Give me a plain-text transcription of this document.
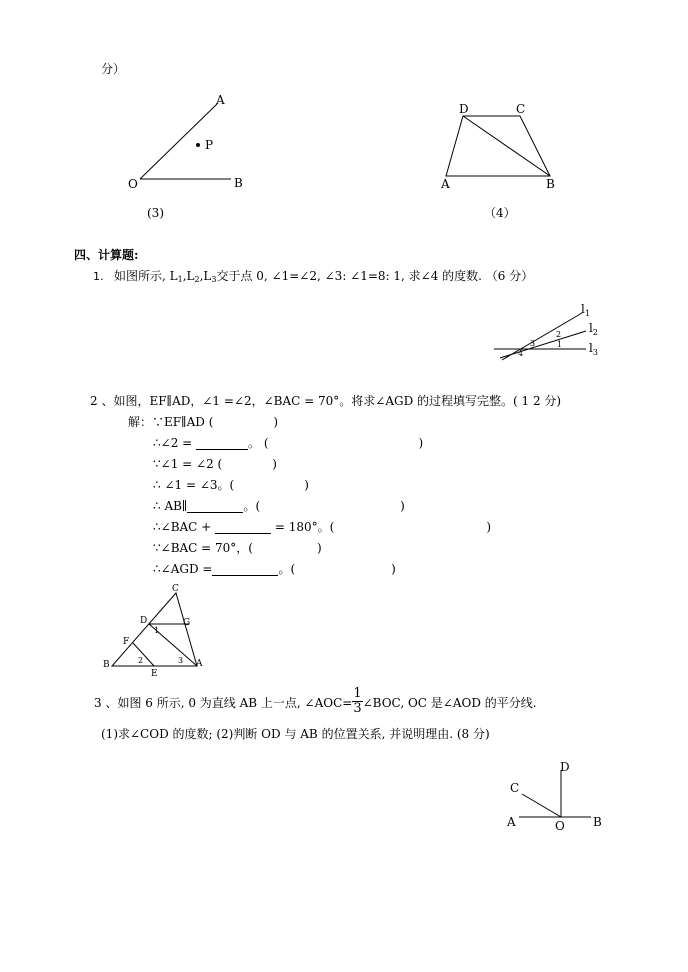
分）
A
P
O	B
(3)
D	C
A	B
（4）
四、计算题:
1. 如图所示, $L_1,L_2,L_3$交于点 0, ∠1=∠2, ∠3: ∠1=8: 1, 求∠4 的度数. （6 分）
$l_1$
$l_2$
$l_3$
2
1
3
4
2 、如图，EF∥AD，∠1 =∠2，∠BAC = 70°。将求∠AGD 的过程填写完整。( 1 2 分)
解：∵EF∥AD (	)
∴∠2 =	。 (	)
∵∠1 = ∠2 (	)
∴ ∠1 = ∠3。(	)
∴ AB∥	。(	)
∴∠BAC +	= 180°。(	)
∵∠BAC = 70°，(	)
∴∠AGD =	。(	)
C
D	G
F
B
E
A
1
2	3
3 、如图 6 所示, 0 为直线 AB 上一点, ∠AOC= $\frac{1}{3}$ ∠BOC, OC 是∠AOD 的平分线.
(1)求∠COD 的度数; (2)判断 OD 与 AB 的位置关系, 并说明理由. (8 分)
C
D
A	O B
